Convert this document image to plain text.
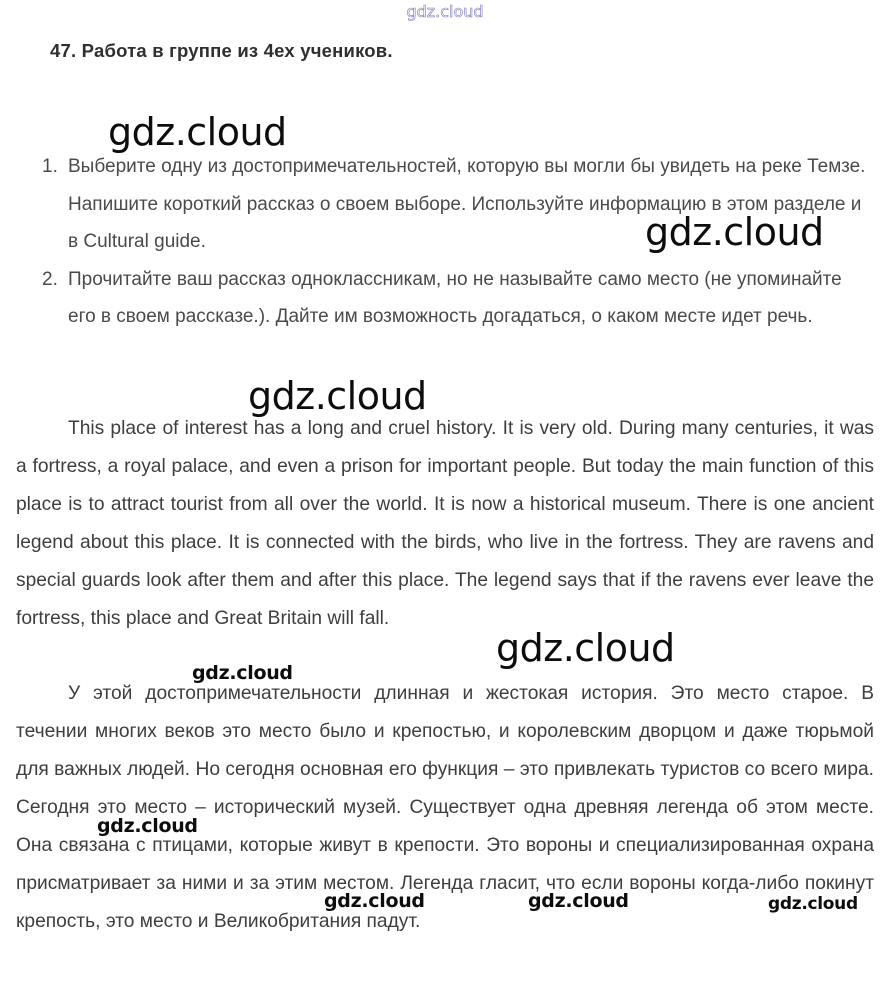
gdz.cloud
47. Работа в группе из 4ех учеников.
1. Выберите одну из достопримечательностей, которую вы могли бы увидеть на реке Темзе. Напишите короткий рассказ о своем выборе. Используйте информацию в этом разделе и в Cultural guide.
2. Прочитайте ваш рассказ одноклассникам, но не называйте само место (не упоминайте его в своем рассказе.). Дайте им возможность догадаться, о каком месте идет речь.
This place of interest has a long and cruel history. It is very old. During many centuries, it was a fortress, a royal palace, and even a prison for important people. But today the main function of this place is to attract tourist from all over the world. It is now a historical museum. There is one ancient legend about this place. It is connected with the birds, who live in the fortress. They are ravens and special guards look after them and after this place. The legend says that if the ravens ever leave the fortress, this place and Great Britain will fall.
У этой достопримечательности длинная и жестокая история. Это место старое. В течении многих веков это место было и крепостью, и королевским дворцом и даже тюрьмой для важных людей. Но сегодня основная его функция – это привлекать туристов со всего мира. Сегодня это место – исторический музей. Существует одна древняя легенда об этом месте. Она связана с птицами, которые живут в крепости. Это вороны и специализированная охрана присматривает за ними и за этим местом. Легенда гласит, что если вороны когда-либо покинут крепость, это место и Великобритания падут.
gdz.cloud
gdz.cloud
gdz.cloud
gdz.cloud
gdz.cloud
gdz.cloud
gdz.cloud	gdz.cloud	gdz.cloud
